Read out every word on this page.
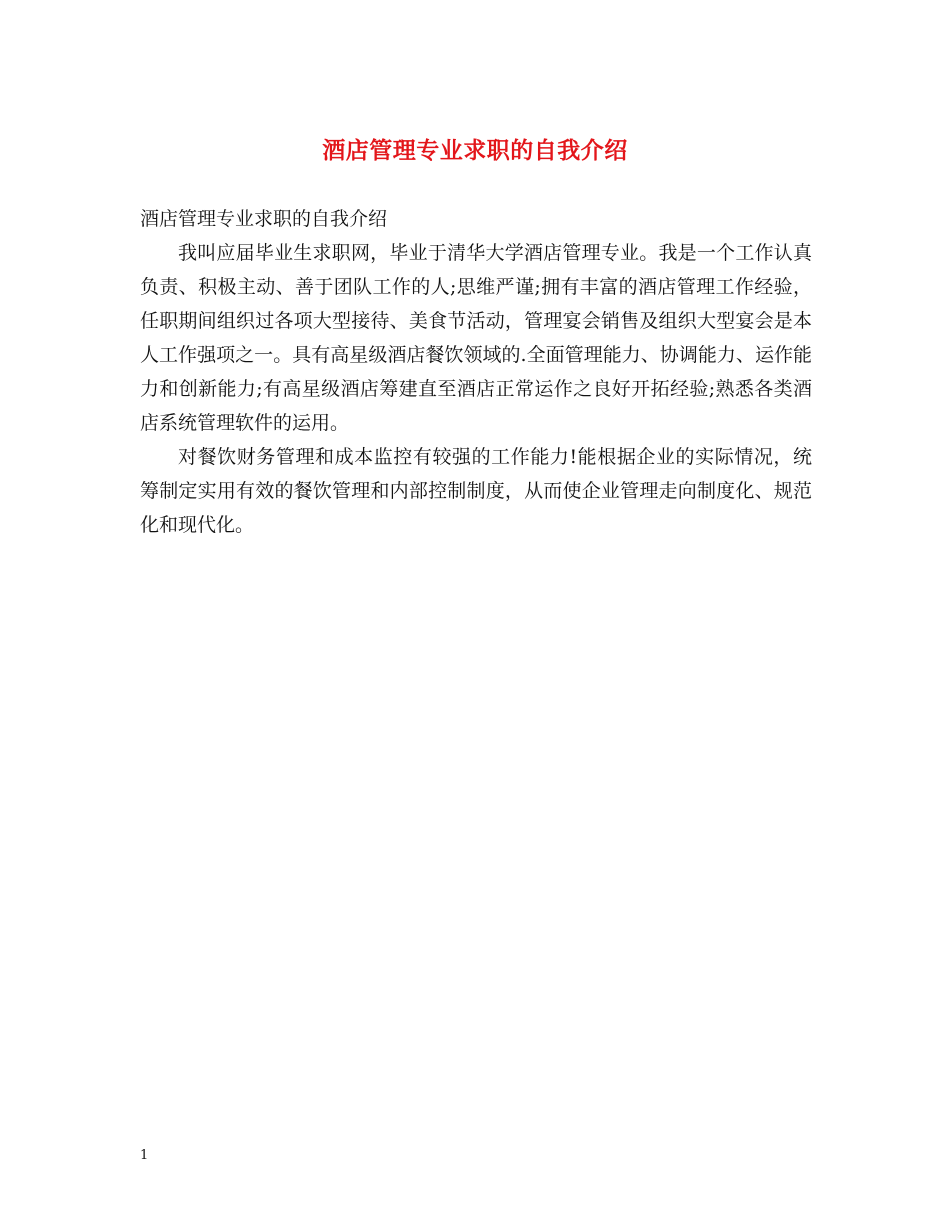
酒店管理专业求职的自我介绍

酒店管理专业求职的自我介绍

我叫应届毕业生求职网，毕业于清华大学酒店管理专业。我是一个工作认真负责、积极主动、善于团队工作的人;思维严谨;拥有丰富的酒店管理工作经验，任职期间组织过各项大型接待、美食节活动，管理宴会销售及组织大型宴会是本人工作强项之一。具有高星级酒店餐饮领域的.全面管理能力、协调能力、运作能力和创新能力;有高星级酒店筹建直至酒店正常运作之良好开拓经验;熟悉各类酒店系统管理软件的运用。

对餐饮财务管理和成本监控有较强的工作能力!能根据企业的实际情况，统筹制定实用有效的餐饮管理和内部控制制度，从而使企业管理走向制度化、规范化和现代化。

1
